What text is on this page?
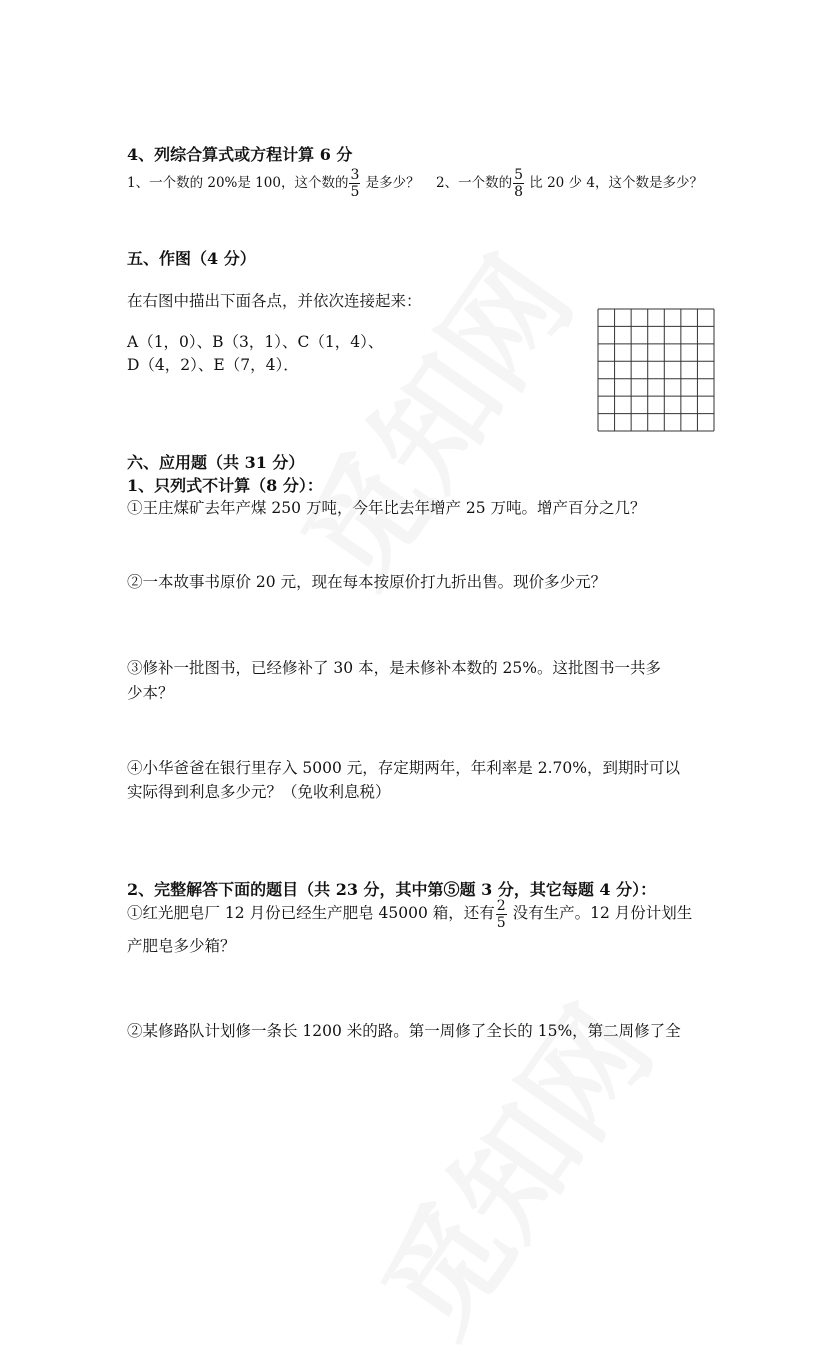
4、列综合算式或方程计算 6 分
1、一个数的 20%是 100，这个数的 $\frac{3}{5}$ 是多少？ 2、一个数的 $\frac{5}{8}$ 比 20 少 4，这个数是多少？
五、作图（4 分）
在右图中描出下面各点，并依次连接起来：
A（1，0）、B（3，1）、C（1，4）、
D（4，2）、E（7，4）．
六、应用题（共 31 分）
1、只列式不计算（8 分）：
①王庄煤矿去年产煤 250 万吨，今年比去年增产 25 万吨。增产百分之几？
②一本故事书原价 20 元，现在每本按原价打九折出售。现价多少元？
③修补一批图书，已经修补了 30 本，是未修补本数的 25%。这批图书一共多
少本？
④小华爸爸在银行里存入 5000 元，存定期两年，年利率是 2.70%，到期时可以
实际得到利息多少元？（免收利息税）
2、完整解答下面的题目（共 23 分，其中第⑤题 3 分，其它每题 4 分）：
①红光肥皂厂 12 月份已经生产肥皂 45000 箱，还有 $\frac{2}{5}$ 没有生产。12 月份计划生
产肥皂多少箱？
②某修路队计划修一条长 1200 米的路。第一周修了全长的 15%，第二周修了全
